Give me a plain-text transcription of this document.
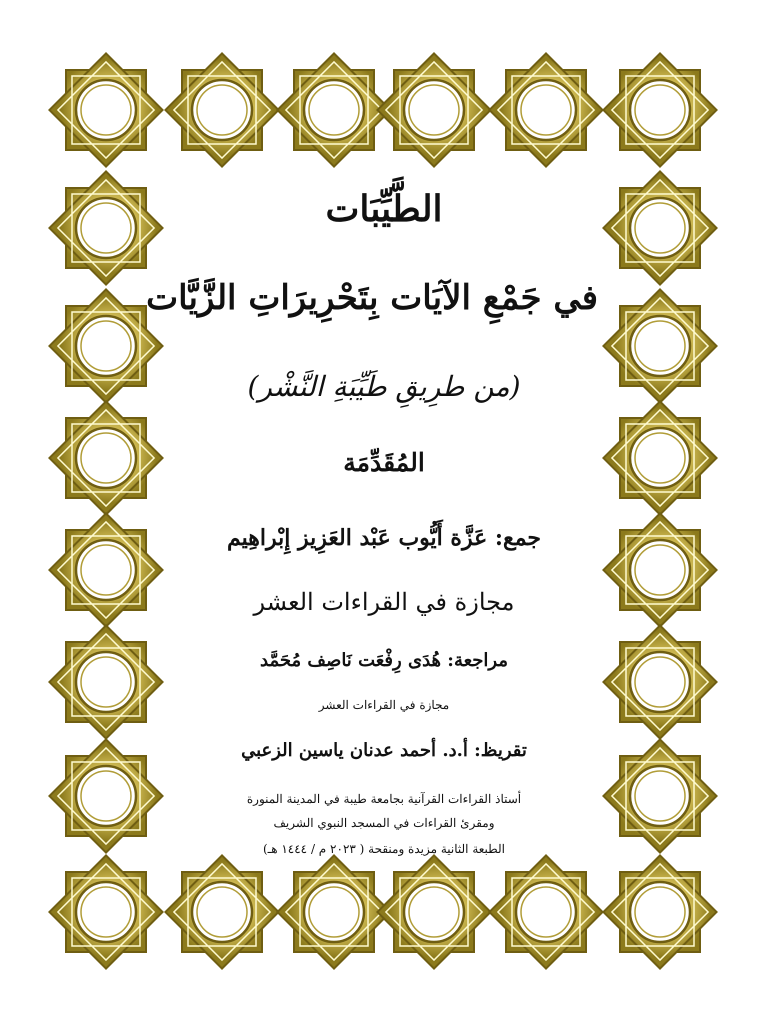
الطَّيِّبَات
في جَمْعِ الآيَات بِتَحْرِيرَاتِ الزَّيَّات
(من طرِيقِ طَيِّبَةِ النَّشْر)
المُقَدِّمَة
جمع: عَزَّة أَيُّوب عَبْد العَزِيز إِبْراهِيم
مجازة في القراءات العشر
مراجعة: هُدَى رِفْعَت نَاصِف مُحَمَّد
مجازة في القراءات العشر
تقريظ: أ.د. أحمد عدنان ياسين الزعبي
أستاذ القراءات القرآنية بجامعة طيبة في المدينة المنورة
ومقرئ القراءات في المسجد النبوي الشريف
الطبعة الثانية مزيدة ومنقحة ( ٢٠٢٣ م / ١٤٤٤ هـ)
